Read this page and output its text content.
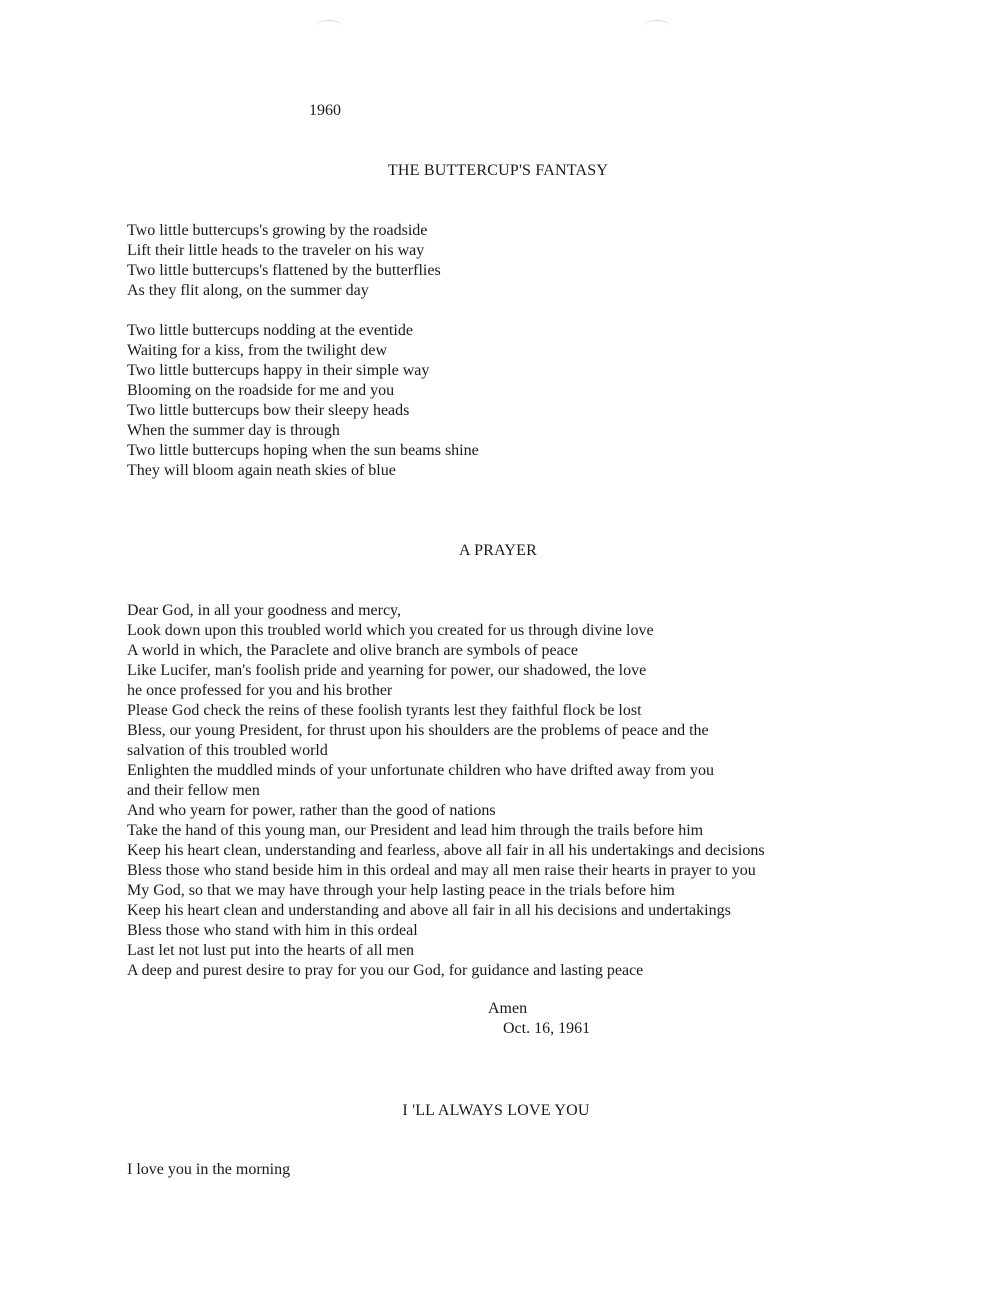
1960
THE BUTTERCUP'S FANTASY
Two little buttercups's growing by the roadside
Lift their little heads to the traveler on his way
Two little buttercups's flattened by the butterflies
As they flit along, on the summer day
Two little buttercups nodding at the eventide
Waiting for a kiss, from the twilight dew
Two little buttercups happy in their simple way
Blooming on the roadside for me and you
Two little buttercups bow their sleepy heads
When the summer day is through
Two little buttercups hoping when the sun beams shine
They will bloom again neath skies of blue
A PRAYER
Dear God, in all your goodness and mercy,
Look down upon this troubled world which you created for us through divine love
A world in which, the Paraclete and olive branch are symbols of peace
Like Lucifer, man's foolish pride and yearning for power, our shadowed, the love
he once professed for you and his brother
Please God check the reins of these foolish tyrants lest they faithful flock be lost
Bless, our young President, for thrust upon his shoulders are the problems of peace and the
salvation of this troubled world
Enlighten the muddled minds of your unfortunate children who have drifted away from you
and their fellow men
And who yearn for power, rather than the good of nations
Take the hand of this young man, our President and lead him through the trails before him
Keep his heart clean, understanding and fearless, above all fair in all his undertakings and decisions
Bless those who stand beside him in this ordeal and may all men raise their hearts in prayer to you
My God, so that we may have through your help lasting peace in the trials before him
Keep his heart clean and understanding and above all fair in all his decisions and undertakings
Bless those who stand with him in this ordeal
Last let not lust put into the hearts of all men
A deep and purest desire to pray for you our God, for guidance and lasting peace
Amen
Oct. 16, 1961
I 'LL ALWAYS LOVE YOU
I love you in the morning
